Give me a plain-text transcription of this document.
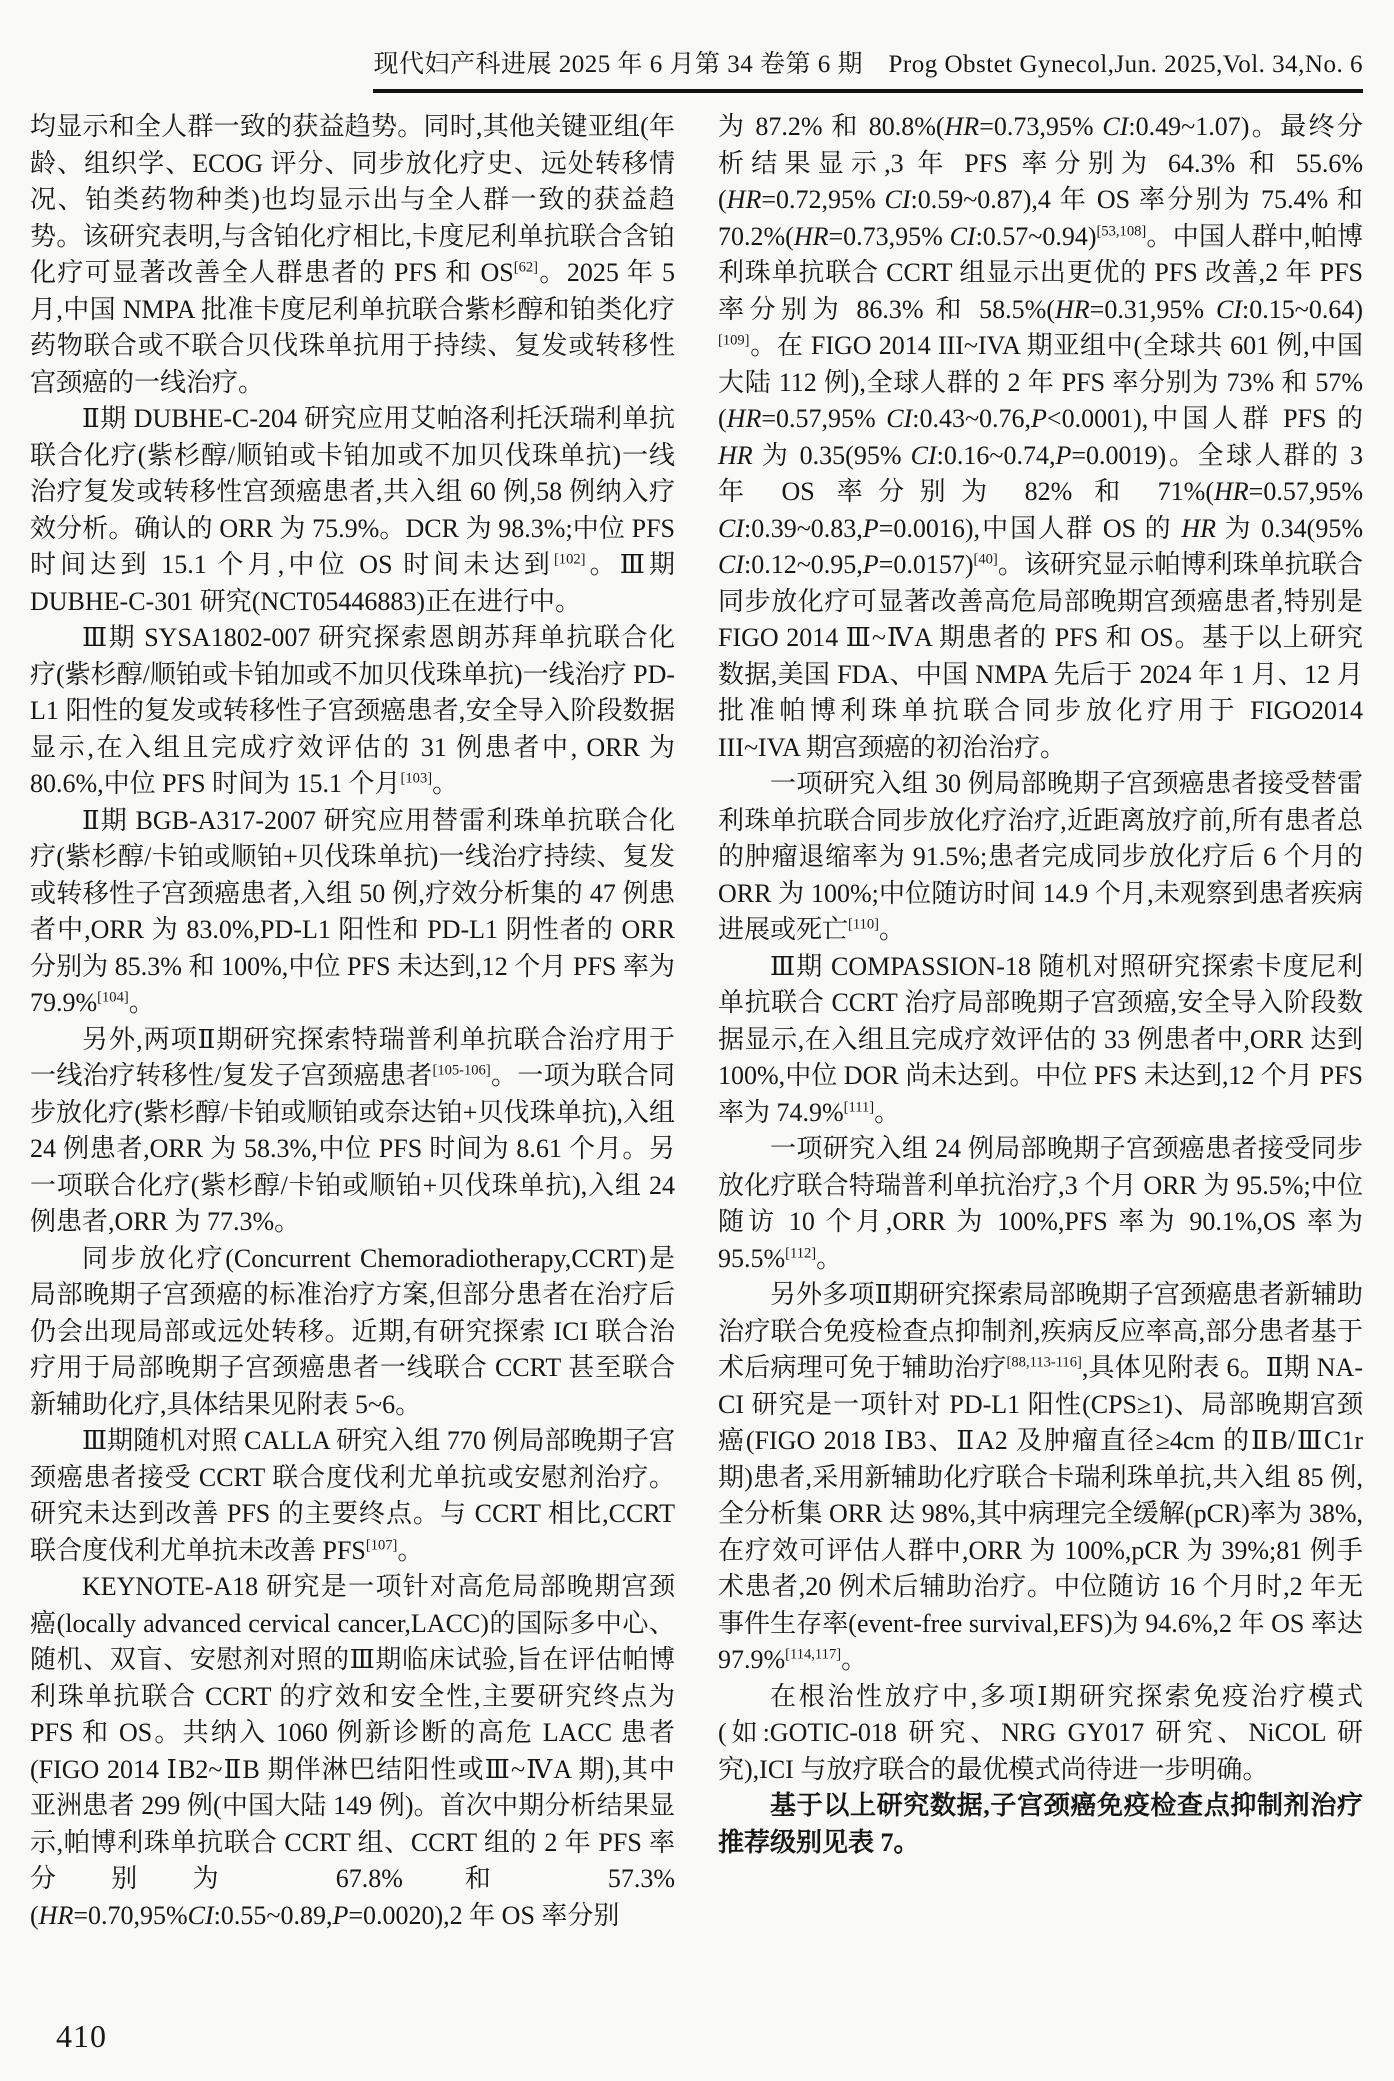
现代妇产科进展 2025 年 6 月第 34 卷第 6 期　Prog Obstet Gynecol,Jun. 2025,Vol. 34,No. 6

均显示和全人群一致的获益趋势。同时,其他关键亚组(年龄、组织学、ECOG 评分、同步放化疗史、远处转移情况、铂类药物种类)也均显示出与全人群一致的获益趋势。该研究表明,与含铂化疗相比,卡度尼利单抗联合含铂化疗可显著改善全人群患者的 PFS 和 OS[62]。2025 年 5 月,中国 NMPA 批准卡度尼利单抗联合紫杉醇和铂类化疗药物联合或不联合贝伐珠单抗用于持续、复发或转移性宫颈癌的一线治疗。

Ⅱ期 DUBHE-C-204 研究应用艾帕洛利托沃瑞利单抗联合化疗(紫杉醇/顺铂或卡铂加或不加贝伐珠单抗)一线治疗复发或转移性宫颈癌患者,共入组 60 例,58 例纳入疗效分析。确认的 ORR 为 75.9%。DCR 为 98.3%;中位 PFS 时间达到 15.1 个月,中位 OS 时间未达到[102]。Ⅲ期 DUBHE-C-301 研究(NCT05446883)正在进行中。

Ⅲ期 SYSA1802-007 研究探索恩朗苏拜单抗联合化疗(紫杉醇/顺铂或卡铂加或不加贝伐珠单抗)一线治疗 PD-L1 阳性的复发或转移性子宫颈癌患者,安全导入阶段数据显示,在入组且完成疗效评估的 31 例患者中, ORR 为 80.6%,中位 PFS 时间为 15.1 个月[103]。

Ⅱ期 BGB-A317-2007 研究应用替雷利珠单抗联合化疗(紫杉醇/卡铂或顺铂+贝伐珠单抗)一线治疗持续、复发或转移性子宫颈癌患者,入组 50 例,疗效分析集的 47 例患者中,ORR 为 83.0%,PD-L1 阳性和 PD-L1 阴性者的 ORR 分别为 85.3% 和 100%,中位 PFS 未达到,12 个月 PFS 率为 79.9%[104]。

另外,两项Ⅱ期研究探索特瑞普利单抗联合治疗用于一线治疗转移性/复发子宫颈癌患者[105-106]。一项为联合同步放化疗(紫杉醇/卡铂或顺铂或奈达铂+贝伐珠单抗),入组 24 例患者,ORR 为 58.3%,中位 PFS 时间为 8.61 个月。另一项联合化疗(紫杉醇/卡铂或顺铂+贝伐珠单抗),入组 24 例患者,ORR 为 77.3%。

同步放化疗(Concurrent Chemoradiotherapy,CCRT)是局部晚期子宫颈癌的标准治疗方案,但部分患者在治疗后仍会出现局部或远处转移。近期,有研究探索 ICI 联合治疗用于局部晚期子宫颈癌患者一线联合 CCRT 甚至联合新辅助化疗,具体结果见附表 5~6。

Ⅲ期随机对照 CALLA 研究入组 770 例局部晚期子宫颈癌患者接受 CCRT 联合度伐利尤单抗或安慰剂治疗。研究未达到改善 PFS 的主要终点。与 CCRT 相比,CCRT 联合度伐利尤单抗未改善 PFS[107]。

KEYNOTE-A18 研究是一项针对高危局部晚期宫颈癌(locally advanced cervical cancer,LACC)的国际多中心、随机、双盲、安慰剂对照的Ⅲ期临床试验,旨在评估帕博利珠单抗联合 CCRT 的疗效和安全性,主要研究终点为 PFS 和 OS。共纳入 1060 例新诊断的高危 LACC 患者(FIGO 2014 ⅠB2~ⅡB 期伴淋巴结阳性或Ⅲ~ⅣA 期),其中亚洲患者 299 例(中国大陆 149 例)。首次中期分析结果显示,帕博利珠单抗联合 CCRT 组、CCRT 组的 2 年 PFS 率分别为 67.8% 和 57.3%(HR=0.70,95%CI:0.55~0.89,P=0.0020),2 年 OS 率分别

为 87.2% 和 80.8%(HR=0.73,95% CI:0.49~1.07)。最终分析结果显示,3 年 PFS 率分别为 64.3% 和 55.6%(HR=0.72,95% CI:0.59~0.87),4 年 OS 率分别为 75.4% 和 70.2%(HR=0.73,95% CI:0.57~0.94)[53,108]。中国人群中,帕博利珠单抗联合 CCRT 组显示出更优的 PFS 改善,2 年 PFS 率分别为 86.3% 和 58.5%(HR=0.31,95% CI:0.15~0.64)[109]。在 FIGO 2014 III~IVA 期亚组中(全球共 601 例,中国大陆 112 例),全球人群的 2 年 PFS 率分别为 73% 和 57%(HR=0.57,95% CI:0.43~0.76,P<0.0001),中国人群 PFS 的 HR 为 0.35(95% CI:0.16~0.74,P=0.0019)。全球人群的 3 年 OS 率分别为 82% 和 71%(HR=0.57,95% CI:0.39~0.83,P=0.0016),中国人群 OS 的 HR 为 0.34(95% CI:0.12~0.95,P=0.0157)[40]。该研究显示帕博利珠单抗联合同步放化疗可显著改善高危局部晚期宫颈癌患者,特别是 FIGO 2014 Ⅲ~ⅣA 期患者的 PFS 和 OS。基于以上研究数据,美国 FDA、中国 NMPA 先后于 2024 年 1 月、12 月批准帕博利珠单抗联合同步放化疗用于 FIGO2014 III~IVA 期宫颈癌的初治治疗。

一项研究入组 30 例局部晚期子宫颈癌患者接受替雷利珠单抗联合同步放化疗治疗,近距离放疗前,所有患者总的肿瘤退缩率为 91.5%;患者完成同步放化疗后 6 个月的 ORR 为 100%;中位随访时间 14.9 个月,未观察到患者疾病进展或死亡[110]。

Ⅲ期 COMPASSION-18 随机对照研究探索卡度尼利单抗联合 CCRT 治疗局部晚期子宫颈癌,安全导入阶段数据显示,在入组且完成疗效评估的 33 例患者中,ORR 达到 100%,中位 DOR 尚未达到。中位 PFS 未达到,12 个月 PFS 率为 74.9%[111]。

一项研究入组 24 例局部晚期子宫颈癌患者接受同步放化疗联合特瑞普利单抗治疗,3 个月 ORR 为 95.5%;中位随访 10 个月,ORR 为 100%,PFS 率为 90.1%,OS 率为 95.5%[112]。

另外多项Ⅱ期研究探索局部晚期子宫颈癌患者新辅助治疗联合免疫检查点抑制剂,疾病反应率高,部分患者基于术后病理可免于辅助治疗[88,113-116],具体见附表 6。Ⅱ期 NA-CI 研究是一项针对 PD-L1 阳性(CPS≥1)、局部晚期宫颈癌(FIGO 2018 ⅠB3、ⅡA2 及肿瘤直径≥4cm 的ⅡB/ⅢC1r 期)患者,采用新辅助化疗联合卡瑞利珠单抗,共入组 85 例,全分析集 ORR 达 98%,其中病理完全缓解(pCR)率为 38%,在疗效可评估人群中,ORR 为 100%,pCR 为 39%;81 例手术患者,20 例术后辅助治疗。中位随访 16 个月时,2 年无事件生存率(event-free survival,EFS)为 94.6%,2 年 OS 率达 97.9%[114,117]。

在根治性放疗中,多项Ⅰ期研究探索免疫治疗模式(如:GOTIC-018 研究、NRG GY017 研究、NiCOL 研究),ICI 与放疗联合的最优模式尚待进一步明确。

基于以上研究数据,子宫颈癌免疫检查点抑制剂治疗推荐级别见表 7。

410
